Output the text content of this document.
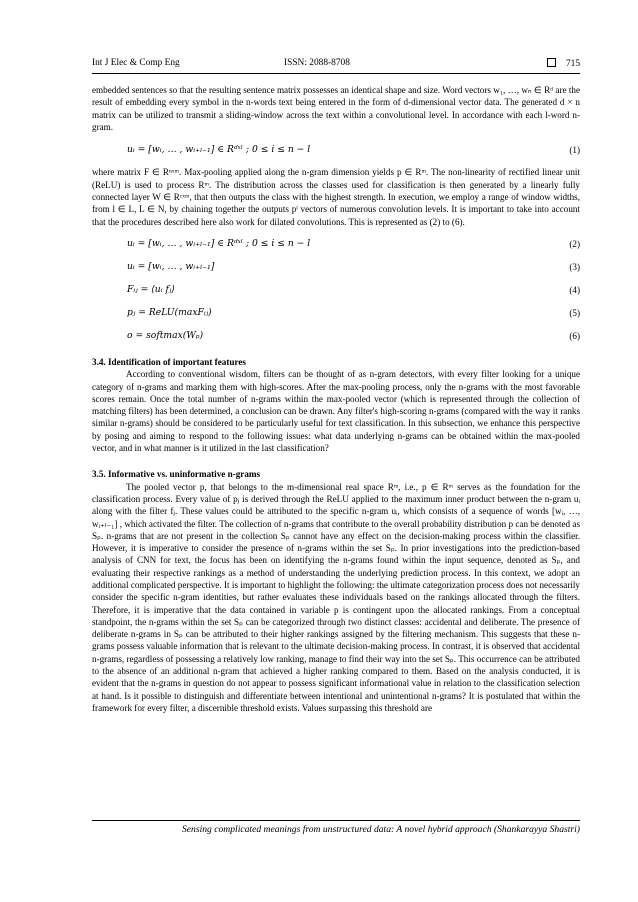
Int J Elec & Comp Eng	ISSN: 2088-8708	715

embedded sentences so that the resulting sentence matrix possesses an identical shape and size. Word vectors w₁, …, wₙ ∈ Rᵈ are the result of embedding every symbol in the n-words text being entered in the form of d-dimensional vector data. The generated d × n matrix can be utilized to transmit a sliding-window across the text within a convolutional level. In accordance with each l-word n-gram.

uᵢ = [wᵢ, … , wᵢ₊ₗ₋₁] ∈ Rᵈˣˡ ; 0 ≤ i ≤ n − l	(1)

where matrix F ∈ Rⁿˣᵐ. Max-pooling applied along the n-gram dimension yields p ∈ Rᵐ. The non-linearity of rectified linear unit (ReLU) is used to process Rᵐ. The distribution across the classes used for classification is then generated by a linearly fully connected layer W ∈ Rᶜˣᵐ, that then outputs the class with the highest strength. In execution, we employ a range of window widths, from l ∈ L, L ∈ N, by chaining together the outputs pˡ vectors of numerous convolution levels. It is important to take into account that the procedures described here also work for dilated convolutions. This is represented as (2) to (6).

uᵢ = [wᵢ, … , wᵢ₊ₗ₋₁] ∈ Rᵈˣˡ ; 0 ≤ i ≤ n − l	(2)
uᵢ = [wᵢ, … , wᵢ₊ₗ₋₁]	(3)
Fᵢⱼ = ⟨uᵢ fⱼ⟩	(4)
pⱼ = ReLU(maxFᵢⱼ)	(5)
o = softmax(Wₚ)	(6)

3.4. Identification of important features

According to conventional wisdom, filters can be thought of as n-gram detectors, with every filter looking for a unique category of n-grams and marking them with high-scores. After the max-pooling process, only the n-grams with the most favorable scores remain. Once the total number of n-grams within the max-pooled vector (which is represented through the collection of matching filters) has been determined, a conclusion can be drawn. Any filter's high-scoring n-grams (compared with the way it ranks similar n-grams) should be considered to be particularly useful for text classification. In this subsection, we enhance this perspective by posing and aiming to respond to the following issues: what data underlying n-grams can be obtained within the max-pooled vector, and in what manner is it utilized in the last classification?

3.5. Informative vs. uninformative n-grams

The pooled vector p, that belongs to the m-dimensional real space Rᵐ, i.e., p ∈ Rᵐ serves as the foundation for the classification process. Every value of pⱼ is derived through the ReLU applied to the maximum inner product between the n-gram uᵢ along with the filter fⱼ. These values could be attributed to the specific n-gram uᵢ, which consists of a sequence of words [wᵢ, …, wᵢ₊ₗ₋₁] , which activated the filter. The collection of n-grams that contribute to the overall probability distribution p can be denoted as Sₚ. n-grams that are not present in the collection Sₚ cannot have any effect on the decision-making process within the classifier. However, it is imperative to consider the presence of n-grams within the set Sₚ. In prior investigations into the prediction-based analysis of CNN for text, the focus has been on identifying the n-grams found within the input sequence, denoted as Sₚ, and evaluating their respective rankings as a method of understanding the underlying prediction process. In this context, we adopt an additional complicated perspective. It is important to highlight the following: the ultimate categorization process does not necessarily consider the specific n-gram identities, but rather evaluates these individuals based on the rankings allocated through the filters. Therefore, it is imperative that the data contained in variable p is contingent upon the allocated rankings. From a conceptual standpoint, the n-grams within the set Sₚ can be categorized through two distinct classes: accidental and deliberate. The presence of deliberate n-grams in Sₚ can be attributed to their higher rankings assigned by the filtering mechanism. This suggests that these n-grams possess valuable information that is relevant to the ultimate decision-making process. In contrast, it is observed that accidental n-grams, regardless of possessing a relatively low ranking, manage to find their way into the set Sₚ. This occurrence can be attributed to the absence of an additional n-gram that achieved a higher ranking compared to them. Based on the analysis conducted, it is evident that the n-grams in question do not appear to possess significant informational value in relation to the classification selection at hand. Is it possible to distinguish and differentiate between intentional and unintentional n-grams? It is postulated that within the framework for every filter, a discernible threshold exists. Values surpassing this threshold are

Sensing complicated meanings from unstructured data: A novel hybrid approach (Shankarayya Shastri)
